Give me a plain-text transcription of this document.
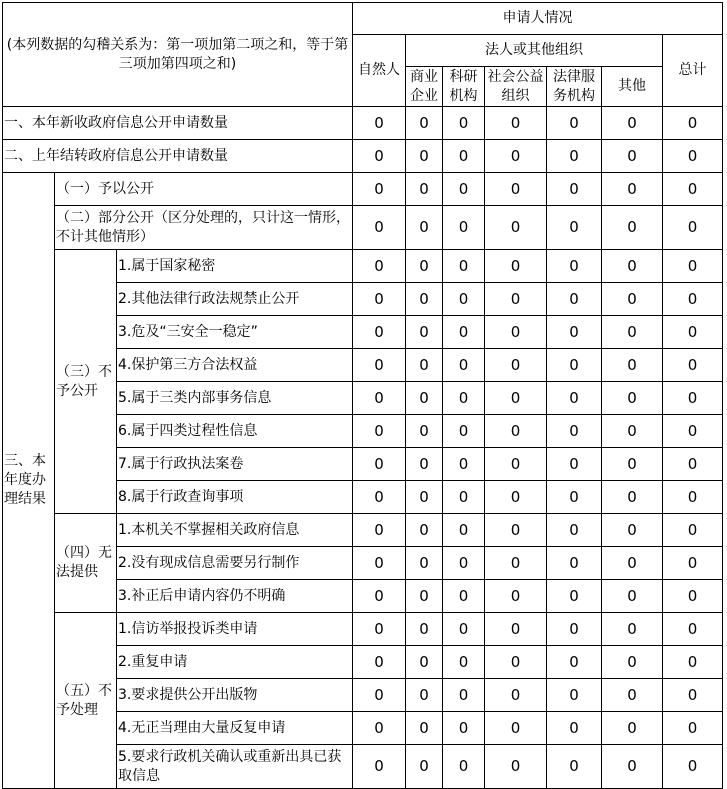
(本列数据的勾稽关系为：第一项加第二项之和，等于第三项加第四项之和)			申请人情况						
			自然人	法人或其他组织					总计
				商业企业	科研机构	社会公益组织	法律服务机构	其他	
一、本年新收政府信息公开申请数量			0	0	0	0	0	0	0
二、上年结转政府信息公开申请数量			0	0	0	0	0	0	0
三、本年度办理结果	（一）予以公开		0	0	0	0	0	0	0
	（二）部分公开（区分处理的，只计这一情形，不计其他情形）		0	0	0	0	0	0	0
	（三）不予公开	1.属于国家秘密	0	0	0	0	0	0	0
		2.其他法律行政法规禁止公开	0	0	0	0	0	0	0
		3.危及“三安全一稳定”	0	0	0	0	0	0	0
		4.保护第三方合法权益	0	0	0	0	0	0	0
		5.属于三类内部事务信息	0	0	0	0	0	0	0
		6.属于四类过程性信息	0	0	0	0	0	0	0
		7.属于行政执法案卷	0	0	0	0	0	0	0
		8.属于行政查询事项	0	0	0	0	0	0	0
	（四）无法提供	1.本机关不掌握相关政府信息	0	0	0	0	0	0	0
		2.没有现成信息需要另行制作	0	0	0	0	0	0	0
		3.补正后申请内容仍不明确	0	0	0	0	0	0	0
	（五）不予处理	1.信访举报投诉类申请	0	0	0	0	0	0	0
		2.重复申请	0	0	0	0	0	0	0
		3.要求提供公开出版物	0	0	0	0	0	0	0
		4.无正当理由大量反复申请	0	0	0	0	0	0	0
		5.要求行政机关确认或重新出具已获取信息	0	0	0	0	0	0	0
